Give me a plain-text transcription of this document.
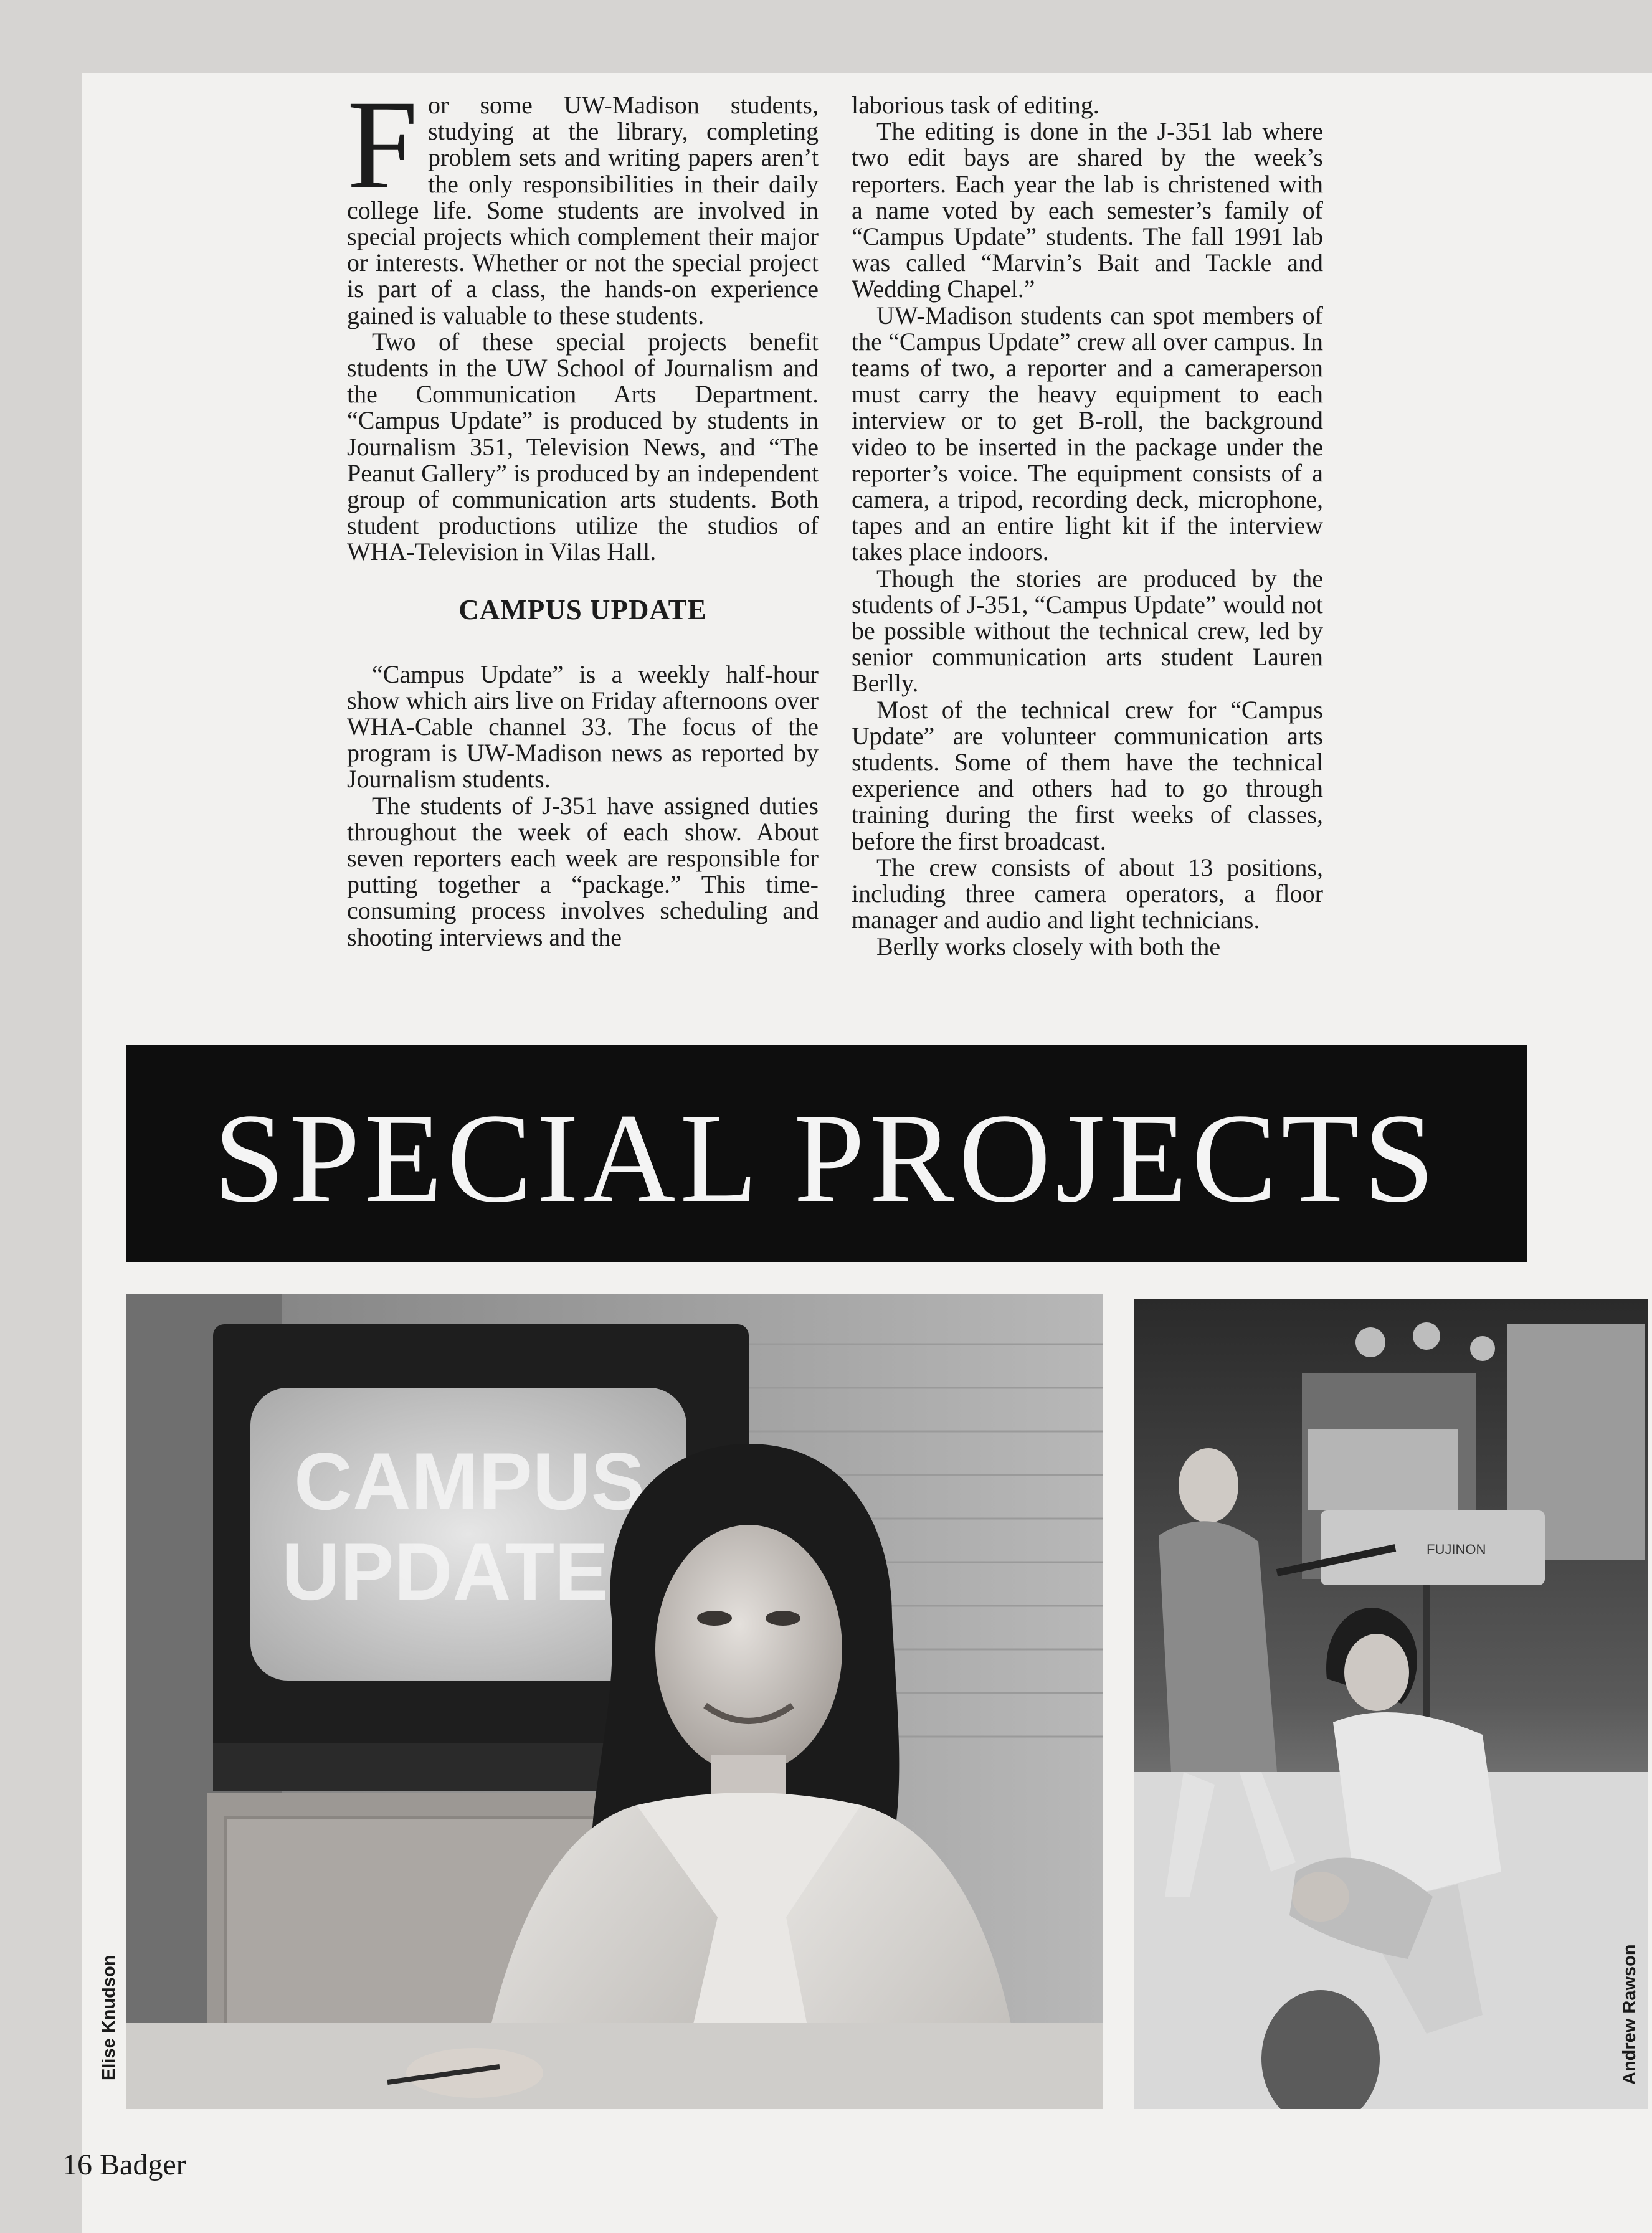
For some UW-Madison students, studying at the library, completing problem sets and writing papers aren’t the only responsibilities in their daily college life. Some students are involved in special projects which complement their major or interests. Whether or not the special project is part of a class, the hands-on experience gained is valuable to these students.

Two of these special projects benefit students in the UW School of Journalism and the Communication Arts Department. “Campus Update” is produced by students in Journalism 351, Television News, and “The Peanut Gallery” is produced by an independent group of communication arts students. Both student productions utilize the studios of WHA-Television in Vilas Hall.

CAMPUS UPDATE

“Campus Update” is a weekly half-hour show which airs live on Friday afternoons over WHA-Cable channel 33. The focus of the program is UW-Madison news as reported by Journalism students.

The students of J-351 have assigned duties throughout the week of each show. About seven reporters each week are responsible for putting together a “package.” This time-consuming process involves scheduling and shooting interviews and the

laborious task of editing.

The editing is done in the J-351 lab where two edit bays are shared by the week’s reporters. Each year the lab is christened with a name voted by each semester’s family of “Campus Update” students. The fall 1991 lab was called “Marvin’s Bait and Tackle and Wedding Chapel.”

UW-Madison students can spot members of the “Campus Update” crew all over campus. In teams of two, a reporter and a cameraperson must carry the heavy equipment to each interview or to get B-roll, the background video to be inserted in the package under the reporter’s voice. The equipment consists of a camera, a tripod, recording deck, microphone, tapes and an entire light kit if the interview takes place indoors.

Though the stories are produced by the students of J-351, “Campus Update” would not be possible without the technical crew, led by senior communication arts student Lauren Berlly.

Most of the technical crew for “Campus Update” are volunteer communication arts students. Some of them have the technical experience and others had to go through training during the first weeks of classes, before the first broadcast.

The crew consists of about 13 positions, including three camera operators, a floor manager and audio and light technicians.

Berlly works closely with both the

SPECIAL PROJECTS
CAMPUS
UPDATE	FUJINON
Elise Knudson	Andrew Rawson
16 Badger
